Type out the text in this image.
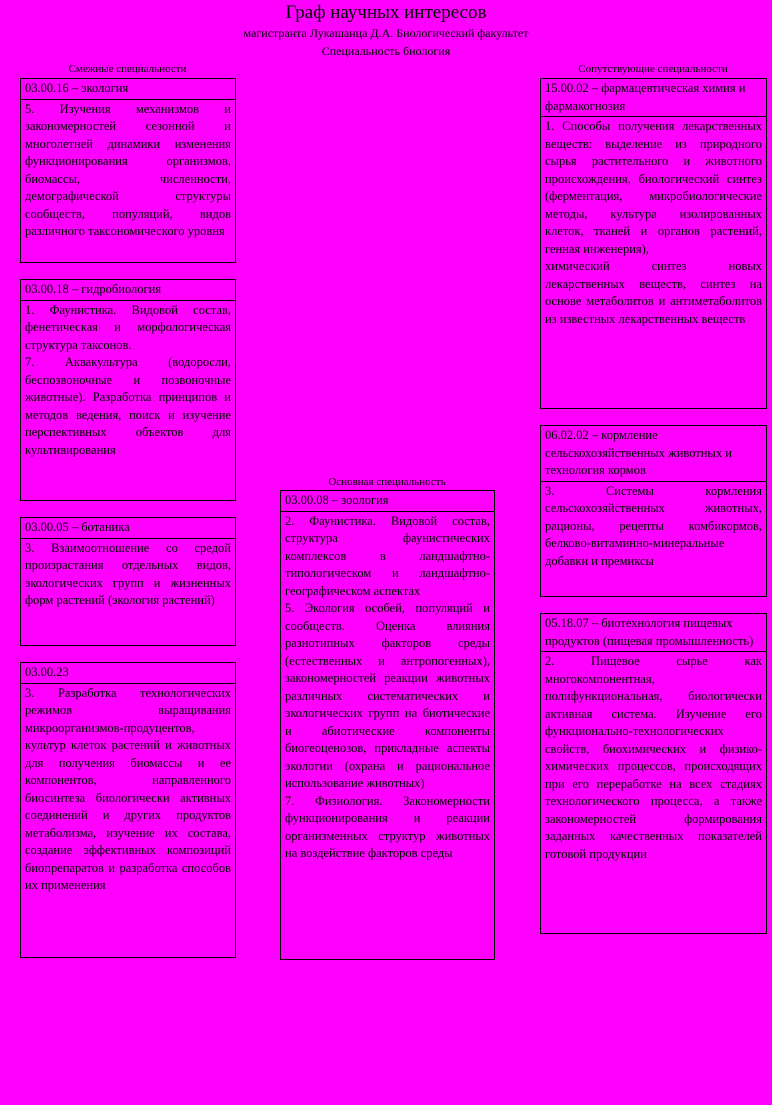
Граф научных интересов
магистранта Лукашанца Д.А. Биологический факультет
Специальность биология
Смежные специальности	Сопутствующие специальности
Основная специальность
03.00.16 – экология
5. Изучения механизмов и закономерностей сезонной и многолетней динамики изменения функционирования организмов, биомассы, численности, демографической структуры сообществ, популяций, видов различного таксономического уровня
03.00.18 – гидробиология
1. Фаунистика. Видовой состав, фенетическая и морфологическая структура таксонов.
7. Аквакультура (водоросли, беспозвоночные и позвоночные животные). Разработка принципов и методов ведения, поиск и изучение перспективных объектов для культивирования
03.00.05 – ботаника
3. Взаимоотношение со средой произрастания отдельных видов, экологических групп и жизненных форм растений (экология растений)
03.00.23
3. Разработка технологических режимов выращивания микроорганизмов-продуцентов, культур клеток растений и животных для получения биомассы и ее компонентов, направленного биосинтеза биологически активных соединений и других продуктов метаболизма, изучение их состава, создание эффективных композиций биопрепаратов и разработка способов их применения
03.00.08 – зоология
2. Фаунистика. Видовой состав, структура фаунистических комплексов в ландшафтно-типологическом и ландшафтно-географическом аспектах
5. Экология особей, популяций и сообществ. Оценка влияния разнотипных факторов среды (естественных и антропогенных), закономерностей реакции животных различных систематических и экологических групп на биотические и абиотические компоненты биогеоценозов, прикладные аспекты экологии (охрана и рациональное использование животных)
7. Физиология. Закономерности функционирования и реакции организменных структур животных на воздействие факторов среды
15.00.02 – фармацевтическая химия и фармакогнозия
1. Способы получения лекарственных веществ: выделение из природного сырья растительного и животного происхождения, биологический синтез (ферментация, микробиологические методы, культура изолированных клеток, тканей и органов растений, генная инженерия),
химический синтез новых лекарственных веществ, синтез на основе метаболитов и антиметаболитов из известных лекарственных веществ
06.02.02 – кормление сельскохозяйственных животных и технология кормов
3. Системы кормления сельскохозяйственных животных, рационы, рецепты комбикормов, белково-витаминно-минеральные добавки и премиксы
05.18.07 – биотехнология пищевых продуктов (пищевая промышленность)
2. Пищевое сырье как многокомпонентная, полифункциональная, биологически активная система. Изучение его функционально-технологических свойств, биохимических и физико-химических процессов, происходящих при его переработке на всех стадиях технологического процесса, а также закономерностей формирования заданных качественных показателей готовой продукции
